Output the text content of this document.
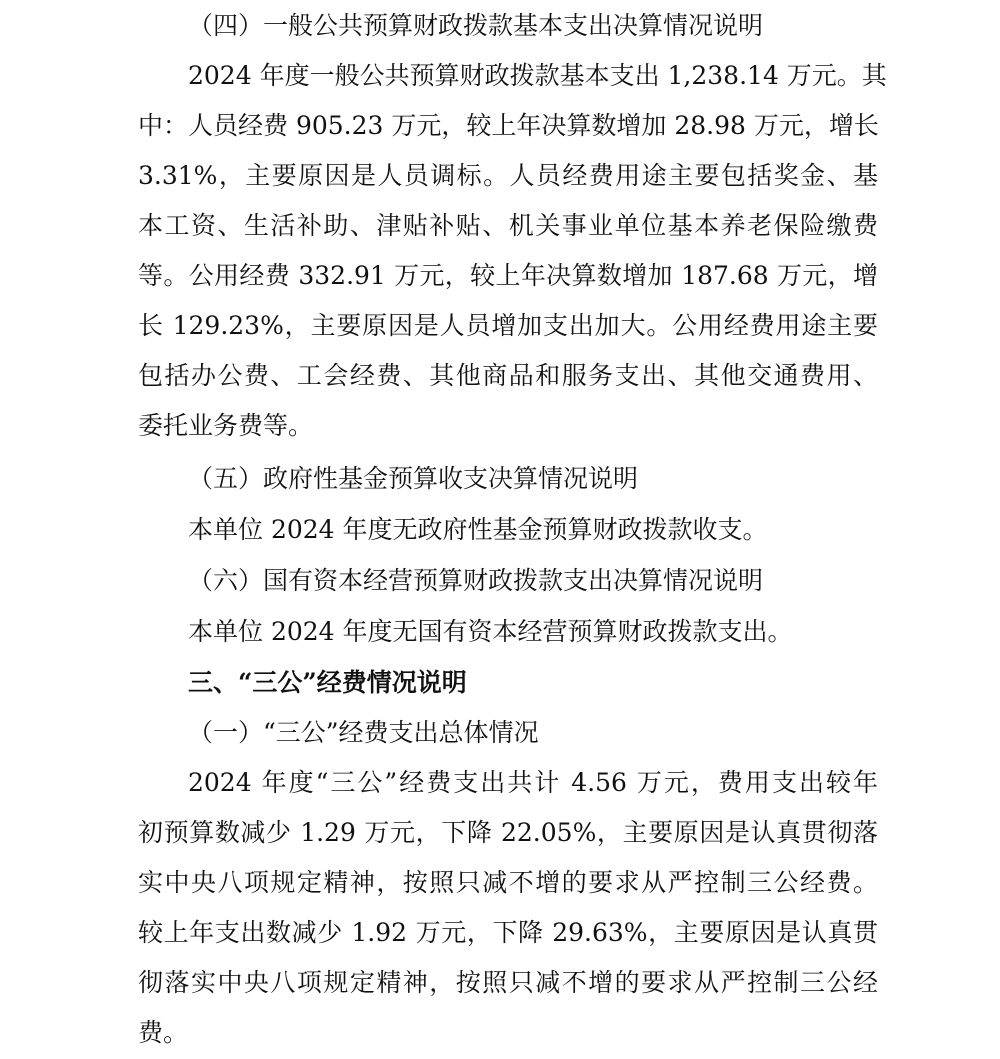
（四）一般公共预算财政拨款基本支出决算情况说明
2024 年度一般公共预算财政拨款基本支出 1,238.14 万元。其
中：人员经费 905.23 万元，较上年决算数增加 28.98 万元，增长
3.31%，主要原因是人员调标。人员经费用途主要包括奖金、基
本工资、生活补助、津贴补贴、机关事业单位基本养老保险缴费
等。公用经费 332.91 万元，较上年决算数增加 187.68 万元，增
长 129.23%，主要原因是人员增加支出加大。公用经费用途主要
包括办公费、工会经费、其他商品和服务支出、其他交通费用、
委托业务费等。
（五）政府性基金预算收支决算情况说明
本单位 2024 年度无政府性基金预算财政拨款收支。
（六）国有资本经营预算财政拨款支出决算情况说明
本单位 2024 年度无国有资本经营预算财政拨款支出。
三、“三公”经费情况说明
（一）“三公”经费支出总体情况
2024 年度“三公”经费支出共计 4.56 万元，费用支出较年
初预算数减少 1.29 万元，下降 22.05%，主要原因是认真贯彻落
实中央八项规定精神，按照只减不增的要求从严控制三公经费。
较上年支出数减少 1.92 万元，下降 29.63%，主要原因是认真贯
彻落实中央八项规定精神，按照只减不增的要求从严控制三公经
费。
